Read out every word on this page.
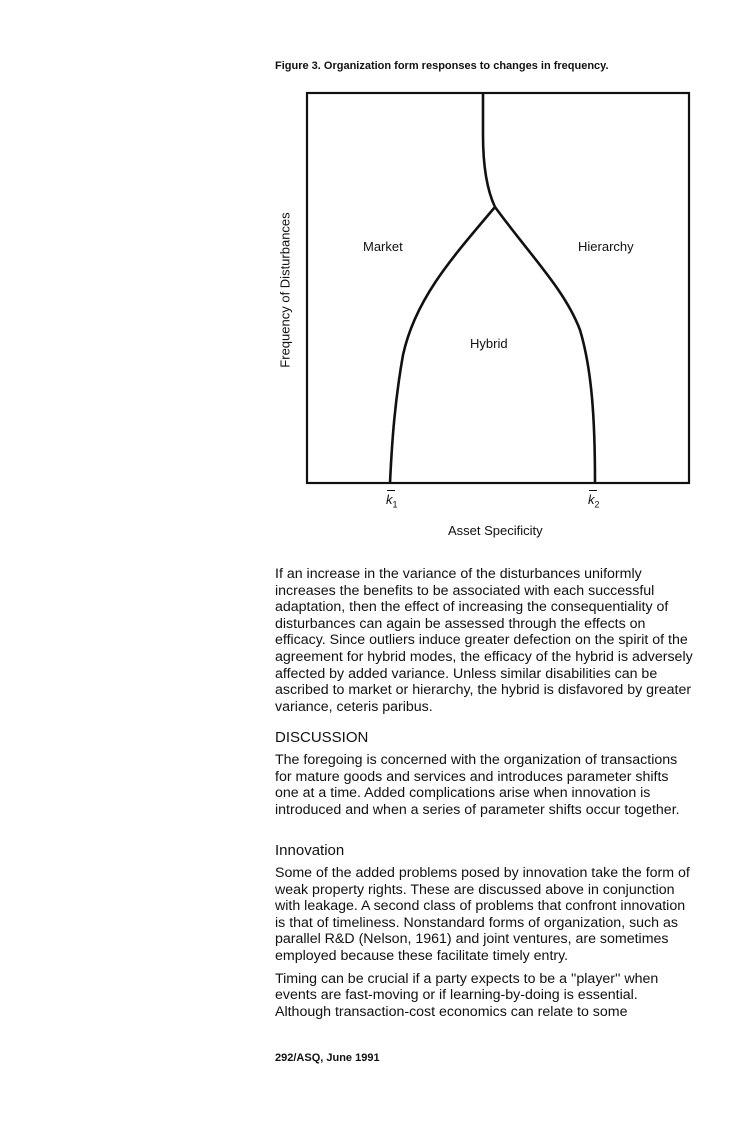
Figure 3. Organization form responses to changes in frequency.
Frequency of Disturbances	Market	Hierarchy
Hybrid
$k_1$	$k_2$
Asset Specificity

If an increase in the variance of the disturbances uniformly increases the benefits to be associated with each successful adaptation, then the effect of increasing the consequentiality of disturbances can again be assessed through the effects on efficacy. Since outliers induce greater defection on the spirit of the agreement for hybrid modes, the efficacy of the hybrid is adversely affected by added variance. Unless similar disabilities can be ascribed to market or hierarchy, the hybrid is disfavored by greater variance, ceteris paribus.

DISCUSSION

The foregoing is concerned with the organization of transactions for mature goods and services and introduces parameter shifts one at a time. Added complications arise when innovation is introduced and when a series of parameter shifts occur together.

Innovation

Some of the added problems posed by innovation take the form of weak property rights. These are discussed above in conjunction with leakage. A second class of problems that confront innovation is that of timeliness. Nonstandard forms of organization, such as parallel R&D (Nelson, 1961) and joint ventures, are sometimes employed because these facilitate timely entry.

Timing can be crucial if a party expects to be a ''player'' when events are fast-moving or if learning-by-doing is essential. Although transaction-cost economics can relate to some

292/ASQ, June 1991
